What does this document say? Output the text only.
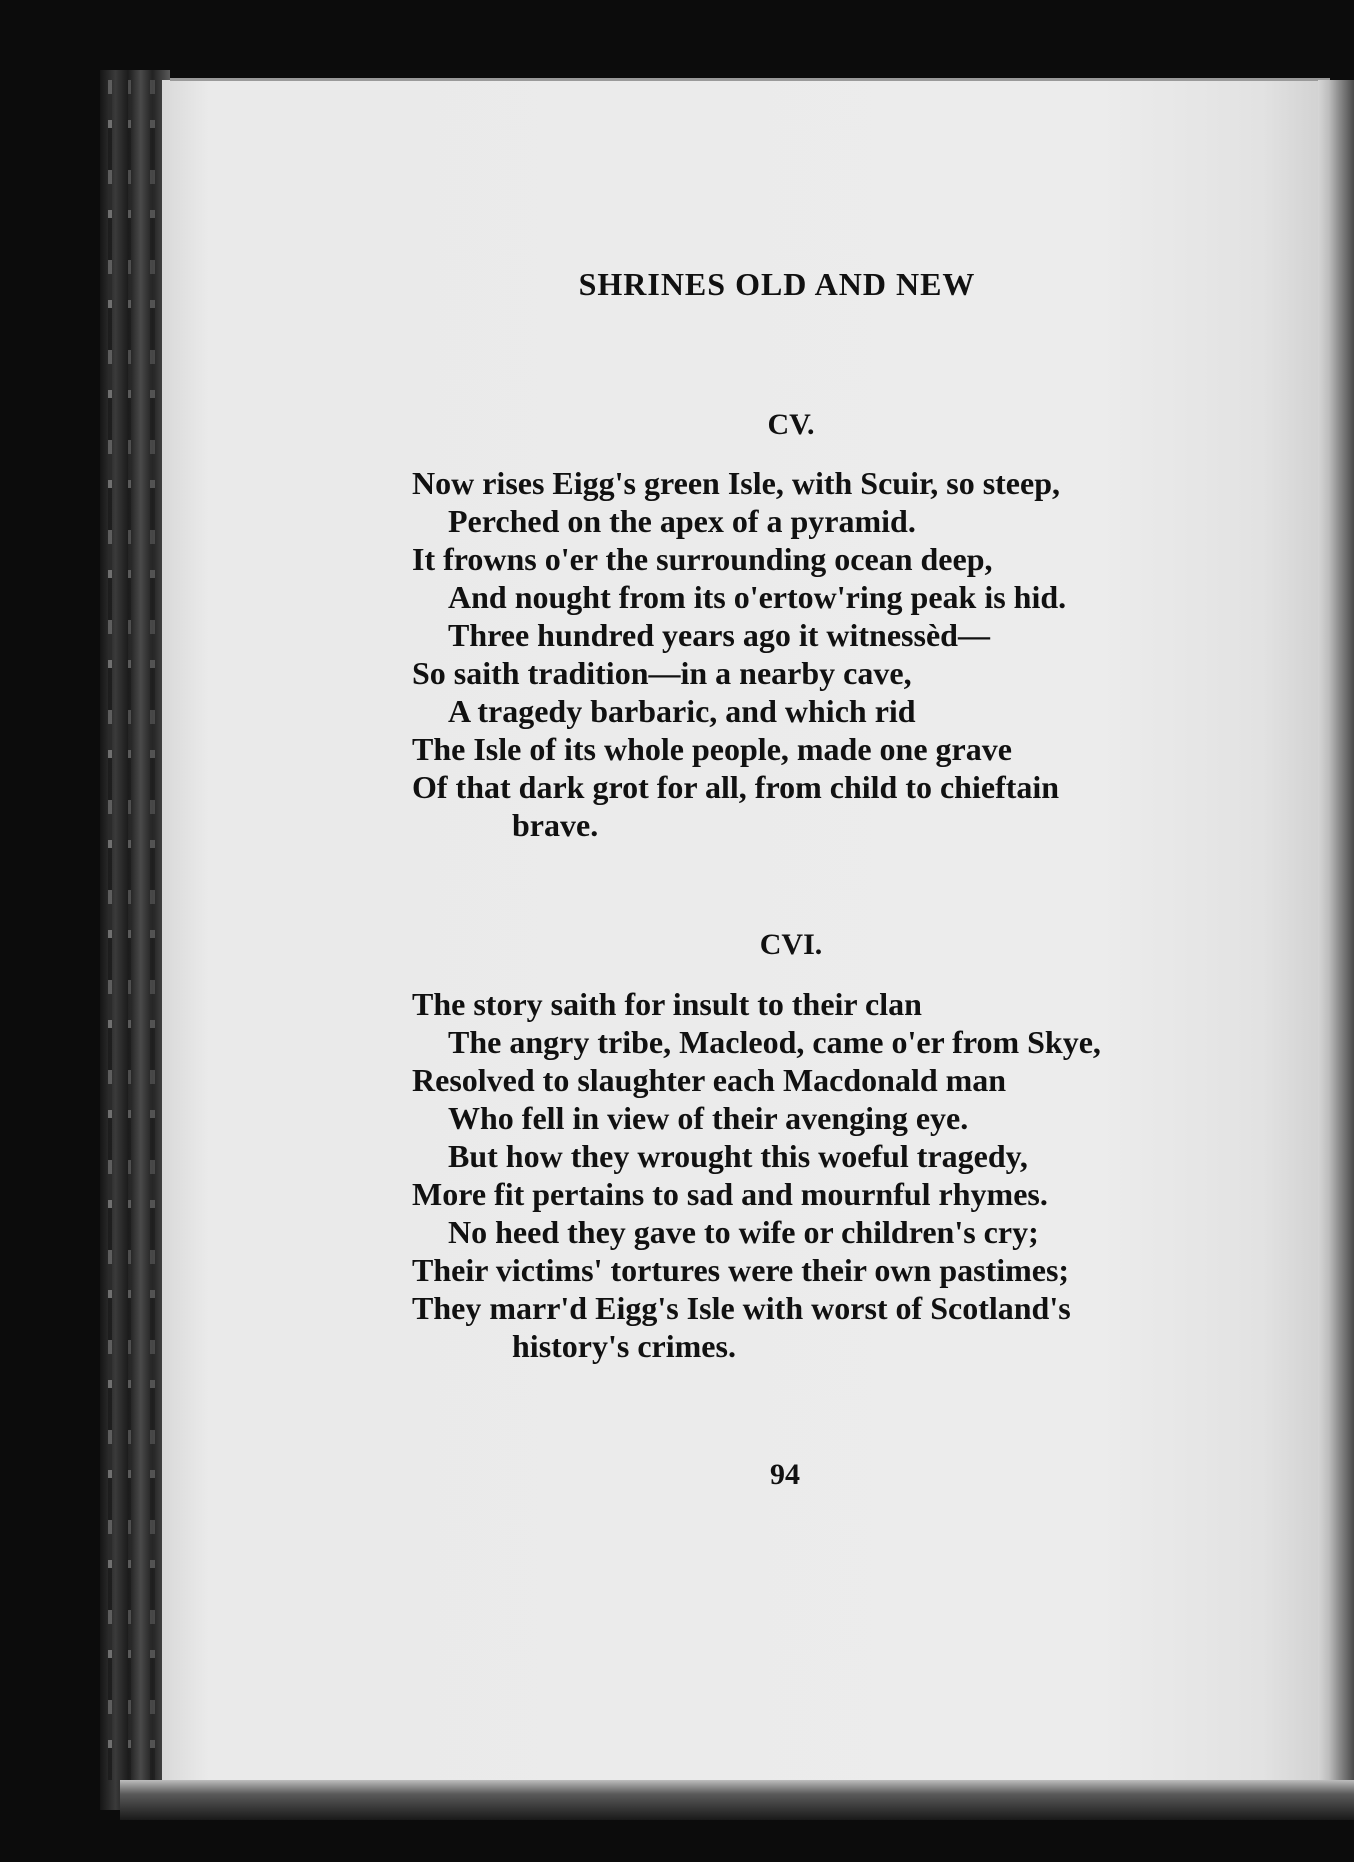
SHRINES OLD AND NEW
CV.
Now rises Eigg's green Isle, with Scuir, so steep,
Perched on the apex of a pyramid.
It frowns o'er the surrounding ocean deep,
And nought from its o'ertow'ring peak is hid.
Three hundred years ago it witnessèd—
So saith tradition—in a nearby cave,
A tragedy barbaric, and which rid
The Isle of its whole people, made one grave
Of that dark grot for all, from child to chieftain
brave.
CVI.
The story saith for insult to their clan
The angry tribe, Macleod, came o'er from Skye,
Resolved to slaughter each Macdonald man
Who fell in view of their avenging eye.
But how they wrought this woeful tragedy,
More fit pertains to sad and mournful rhymes.
No heed they gave to wife or children's cry;
Their victims' tortures were their own pastimes;
They marr'd Eigg's Isle with worst of Scotland's
history's crimes.
94
